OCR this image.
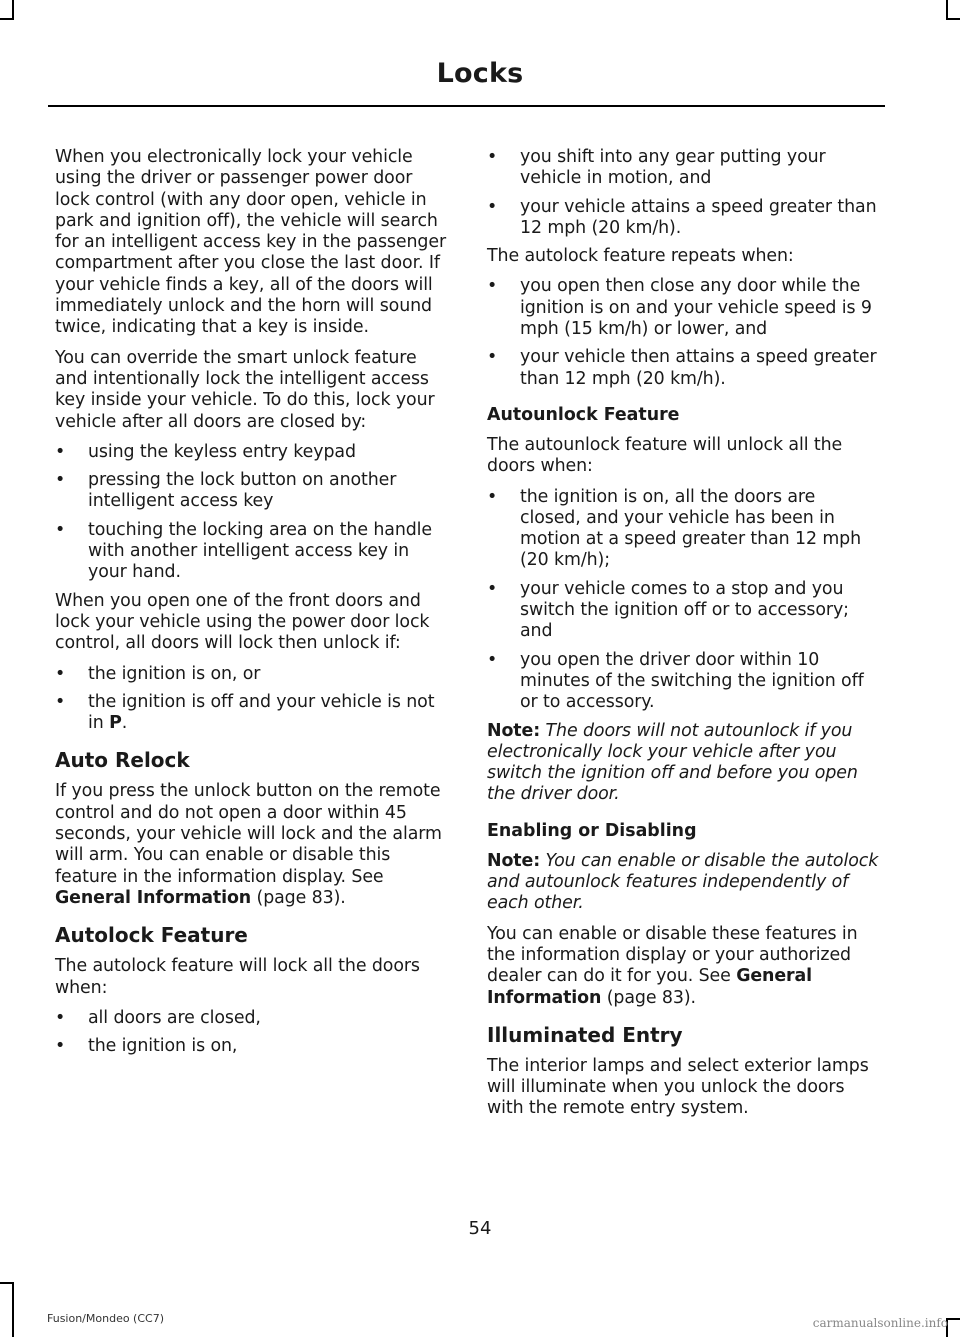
Locks

When you electronically lock your vehicle using the driver or passenger power door lock control (with any door open, vehicle in park and ignition off), the vehicle will search for an intelligent access key in the passenger compartment after you close the last door. If your vehicle finds a key, all of the doors will immediately unlock and the horn will sound twice, indicating that a key is inside.

You can override the smart unlock feature and intentionally lock the intelligent access key inside your vehicle. To do this, lock your vehicle after all doors are closed by:

• using the keyless entry keypad
• pressing the lock button on another intelligent access key
• touching the locking area on the handle with another intelligent access key in your hand.

When you open one of the front doors and lock your vehicle using the power door lock control, all doors will lock then unlock if:

• the ignition is on, or
• the ignition is off and your vehicle is not in P.
Auto Relock

If you press the unlock button on the remote control and do not open a door within 45 seconds, your vehicle will lock and the alarm will arm. You can enable or disable this feature in the information display. See General Information (page 83).

Autolock Feature

The autolock feature will lock all the doors when:

• all doors are closed,
• the ignition is on,
• you shift into any gear putting your vehicle in motion, and
• your vehicle attains a speed greater than 12 mph (20 km/h).

The autolock feature repeats when:

• you open then close any door while the ignition is on and your vehicle speed is 9 mph (15 km/h) or lower, and
• your vehicle then attains a speed greater than 12 mph (20 km/h).
Autounlock Feature

The autounlock feature will unlock all the doors when:

• the ignition is on, all the doors are closed, and your vehicle has been in motion at a speed greater than 12 mph (20 km/h);
• your vehicle comes to a stop and you switch the ignition off or to accessory; and
• you open the driver door within 10 minutes of the switching the ignition off or to accessory.

Note: The doors will not autounlock if you electronically lock your vehicle after you switch the ignition off and before you open the driver door.

Enabling or Disabling

Note: You can enable or disable the autolock and autounlock features independently of each other.

You can enable or disable these features in the information display or your authorized dealer can do it for you. See General Information (page 83).

Illuminated Entry

The interior lamps and select exterior lamps will illuminate when you unlock the doors with the remote entry system.

54
Fusion/Mondeo (CC7)	carmanualsonline.info
